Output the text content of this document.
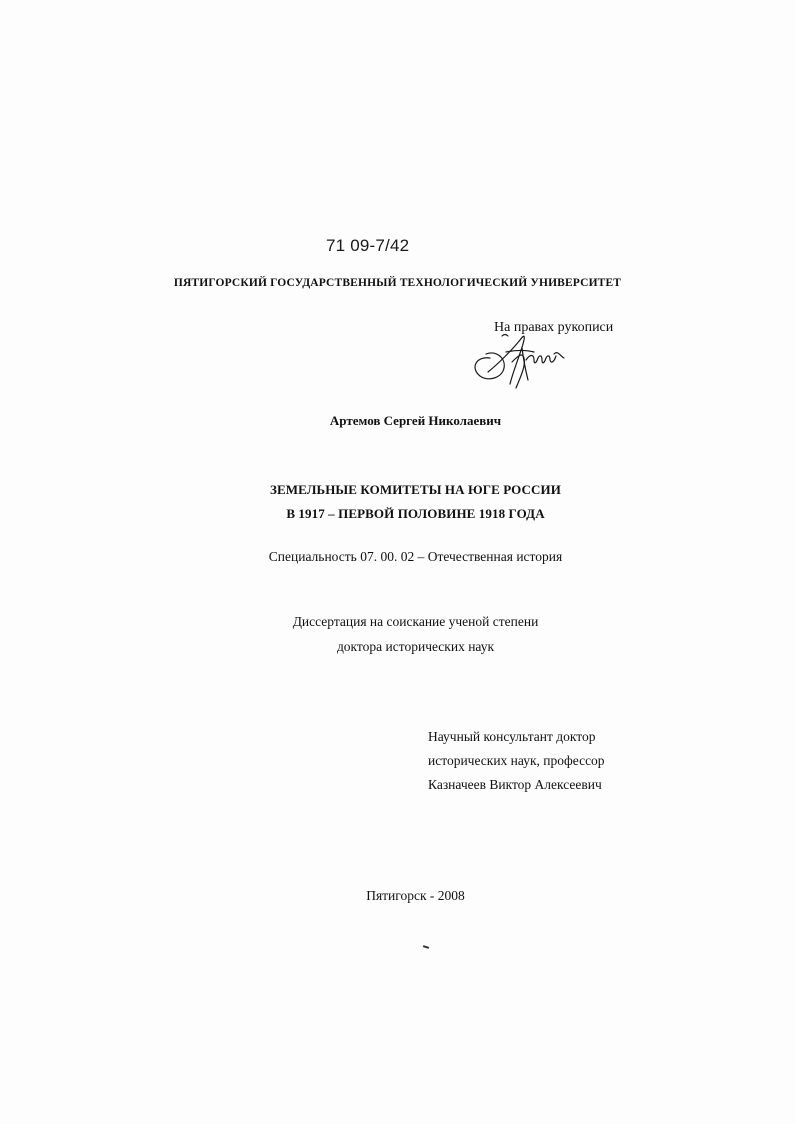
71 09-7/42
ПЯТИГОРСКИЙ ГОСУДАРСТВЕННЫЙ ТЕХНОЛОГИЧЕСКИЙ УНИВЕРСИТЕТ
На правах рукописи
Артемов Сергей Николаевич
ЗЕМЕЛЬНЫЕ КОМИТЕТЫ НА ЮГЕ РОССИИ
В 1917 – ПЕРВОЙ ПОЛОВИНЕ 1918 ГОДА
Специальность 07. 00. 02 – Отечественная история
Диссертация на соискание ученой степени
доктора исторических наук
Научный консультант доктор
исторических наук, профессор
Казначеев Виктор Алексеевич
Пятигорск - 2008
